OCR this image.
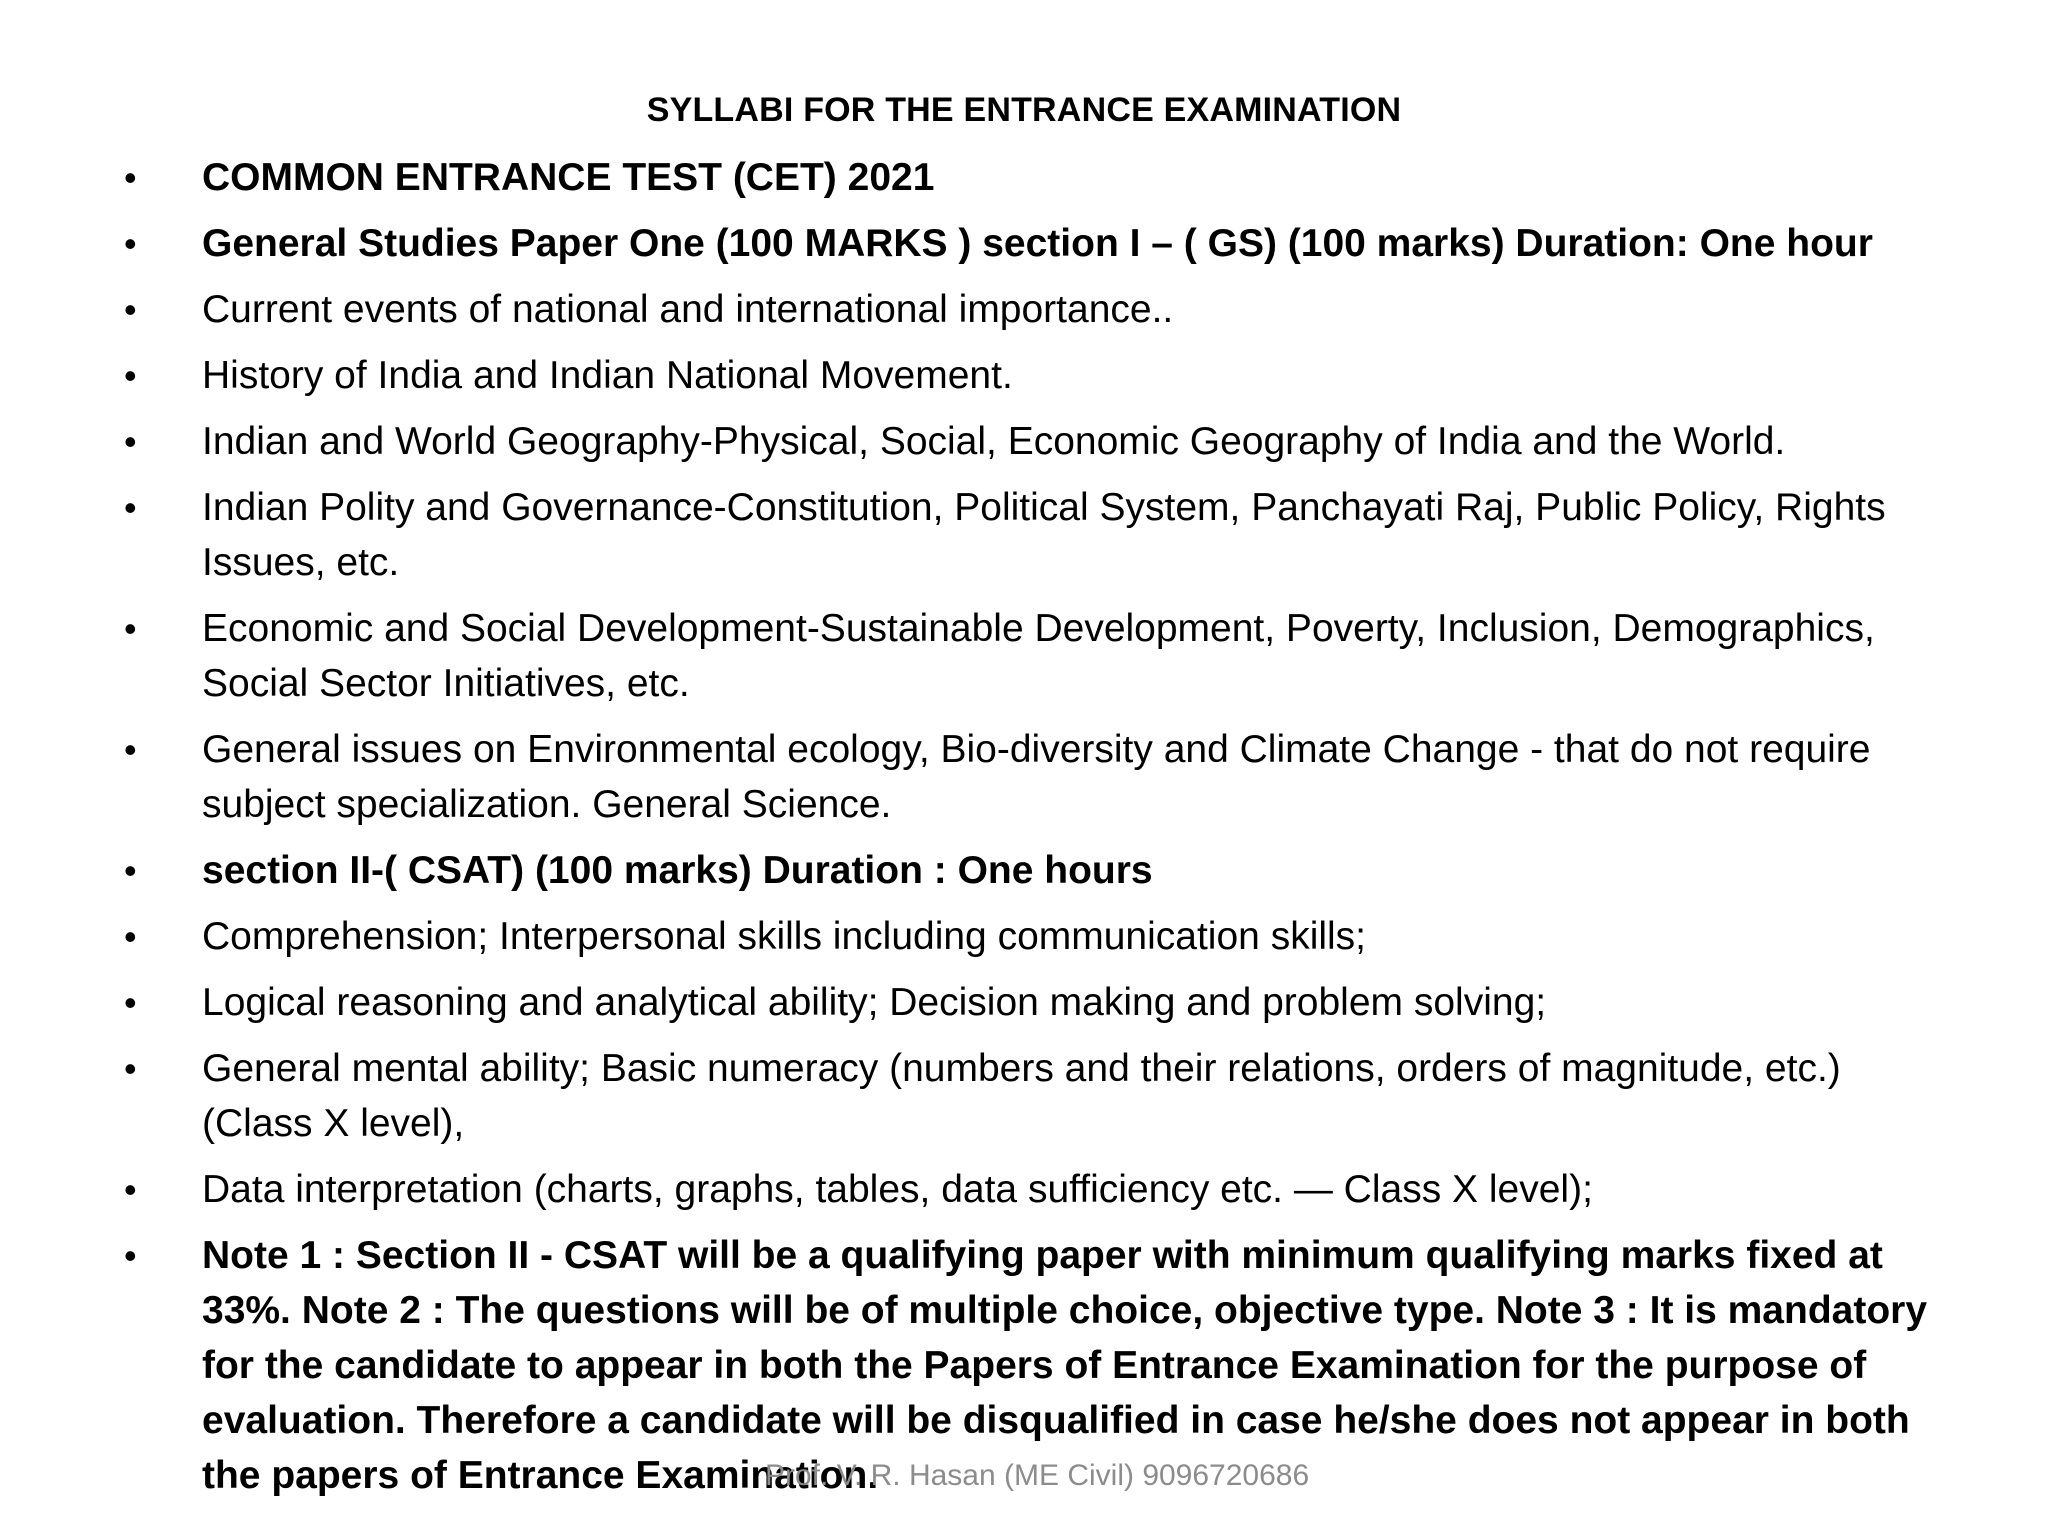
SYLLABI FOR THE ENTRANCE EXAMINATION
•	COMMON ENTRANCE TEST (CET) 2021
•	General Studies Paper One (100 MARKS ) section I – ( GS) (100 marks) Duration: One hour
•	Current events of national and international importance..
•	History of India and Indian National Movement.
•	Indian and World Geography-Physical, Social, Economic Geography of India and the World.
•	Indian Polity and Governance-Constitution, Political System, Panchayati Raj, Public Policy, Rights Issues, etc.
•	Economic and Social Development-Sustainable Development, Poverty, Inclusion, Demographics, Social Sector Initiatives, etc.
•	General issues on Environmental ecology, Bio-diversity and Climate Change - that do not require subject specialization. General Science.
•	section II-( CSAT) (100 marks) Duration : One hours
•	Comprehension; Interpersonal skills including communication skills;
•	Logical reasoning and analytical ability; Decision making and problem solving;
•	General mental ability; Basic numeracy (numbers and their relations, orders of magnitude, etc.) (Class X level),
•	Data interpretation (charts, graphs, tables, data sufficiency etc. — Class X level);
•	Note 1 : Section II - CSAT will be a qualifying paper with minimum qualifying marks fixed at 33%. Note 2 : The questions will be of multiple choice, objective type. Note 3 : It is mandatory for the candidate to appear in both the Papers of Entrance Examination for the purpose of evaluation. Therefore a candidate will be disqualified in case he/she does not appear in both the papers of Entrance Examination.
Prof. V. R. Hasan (ME Civil) 9096720686
